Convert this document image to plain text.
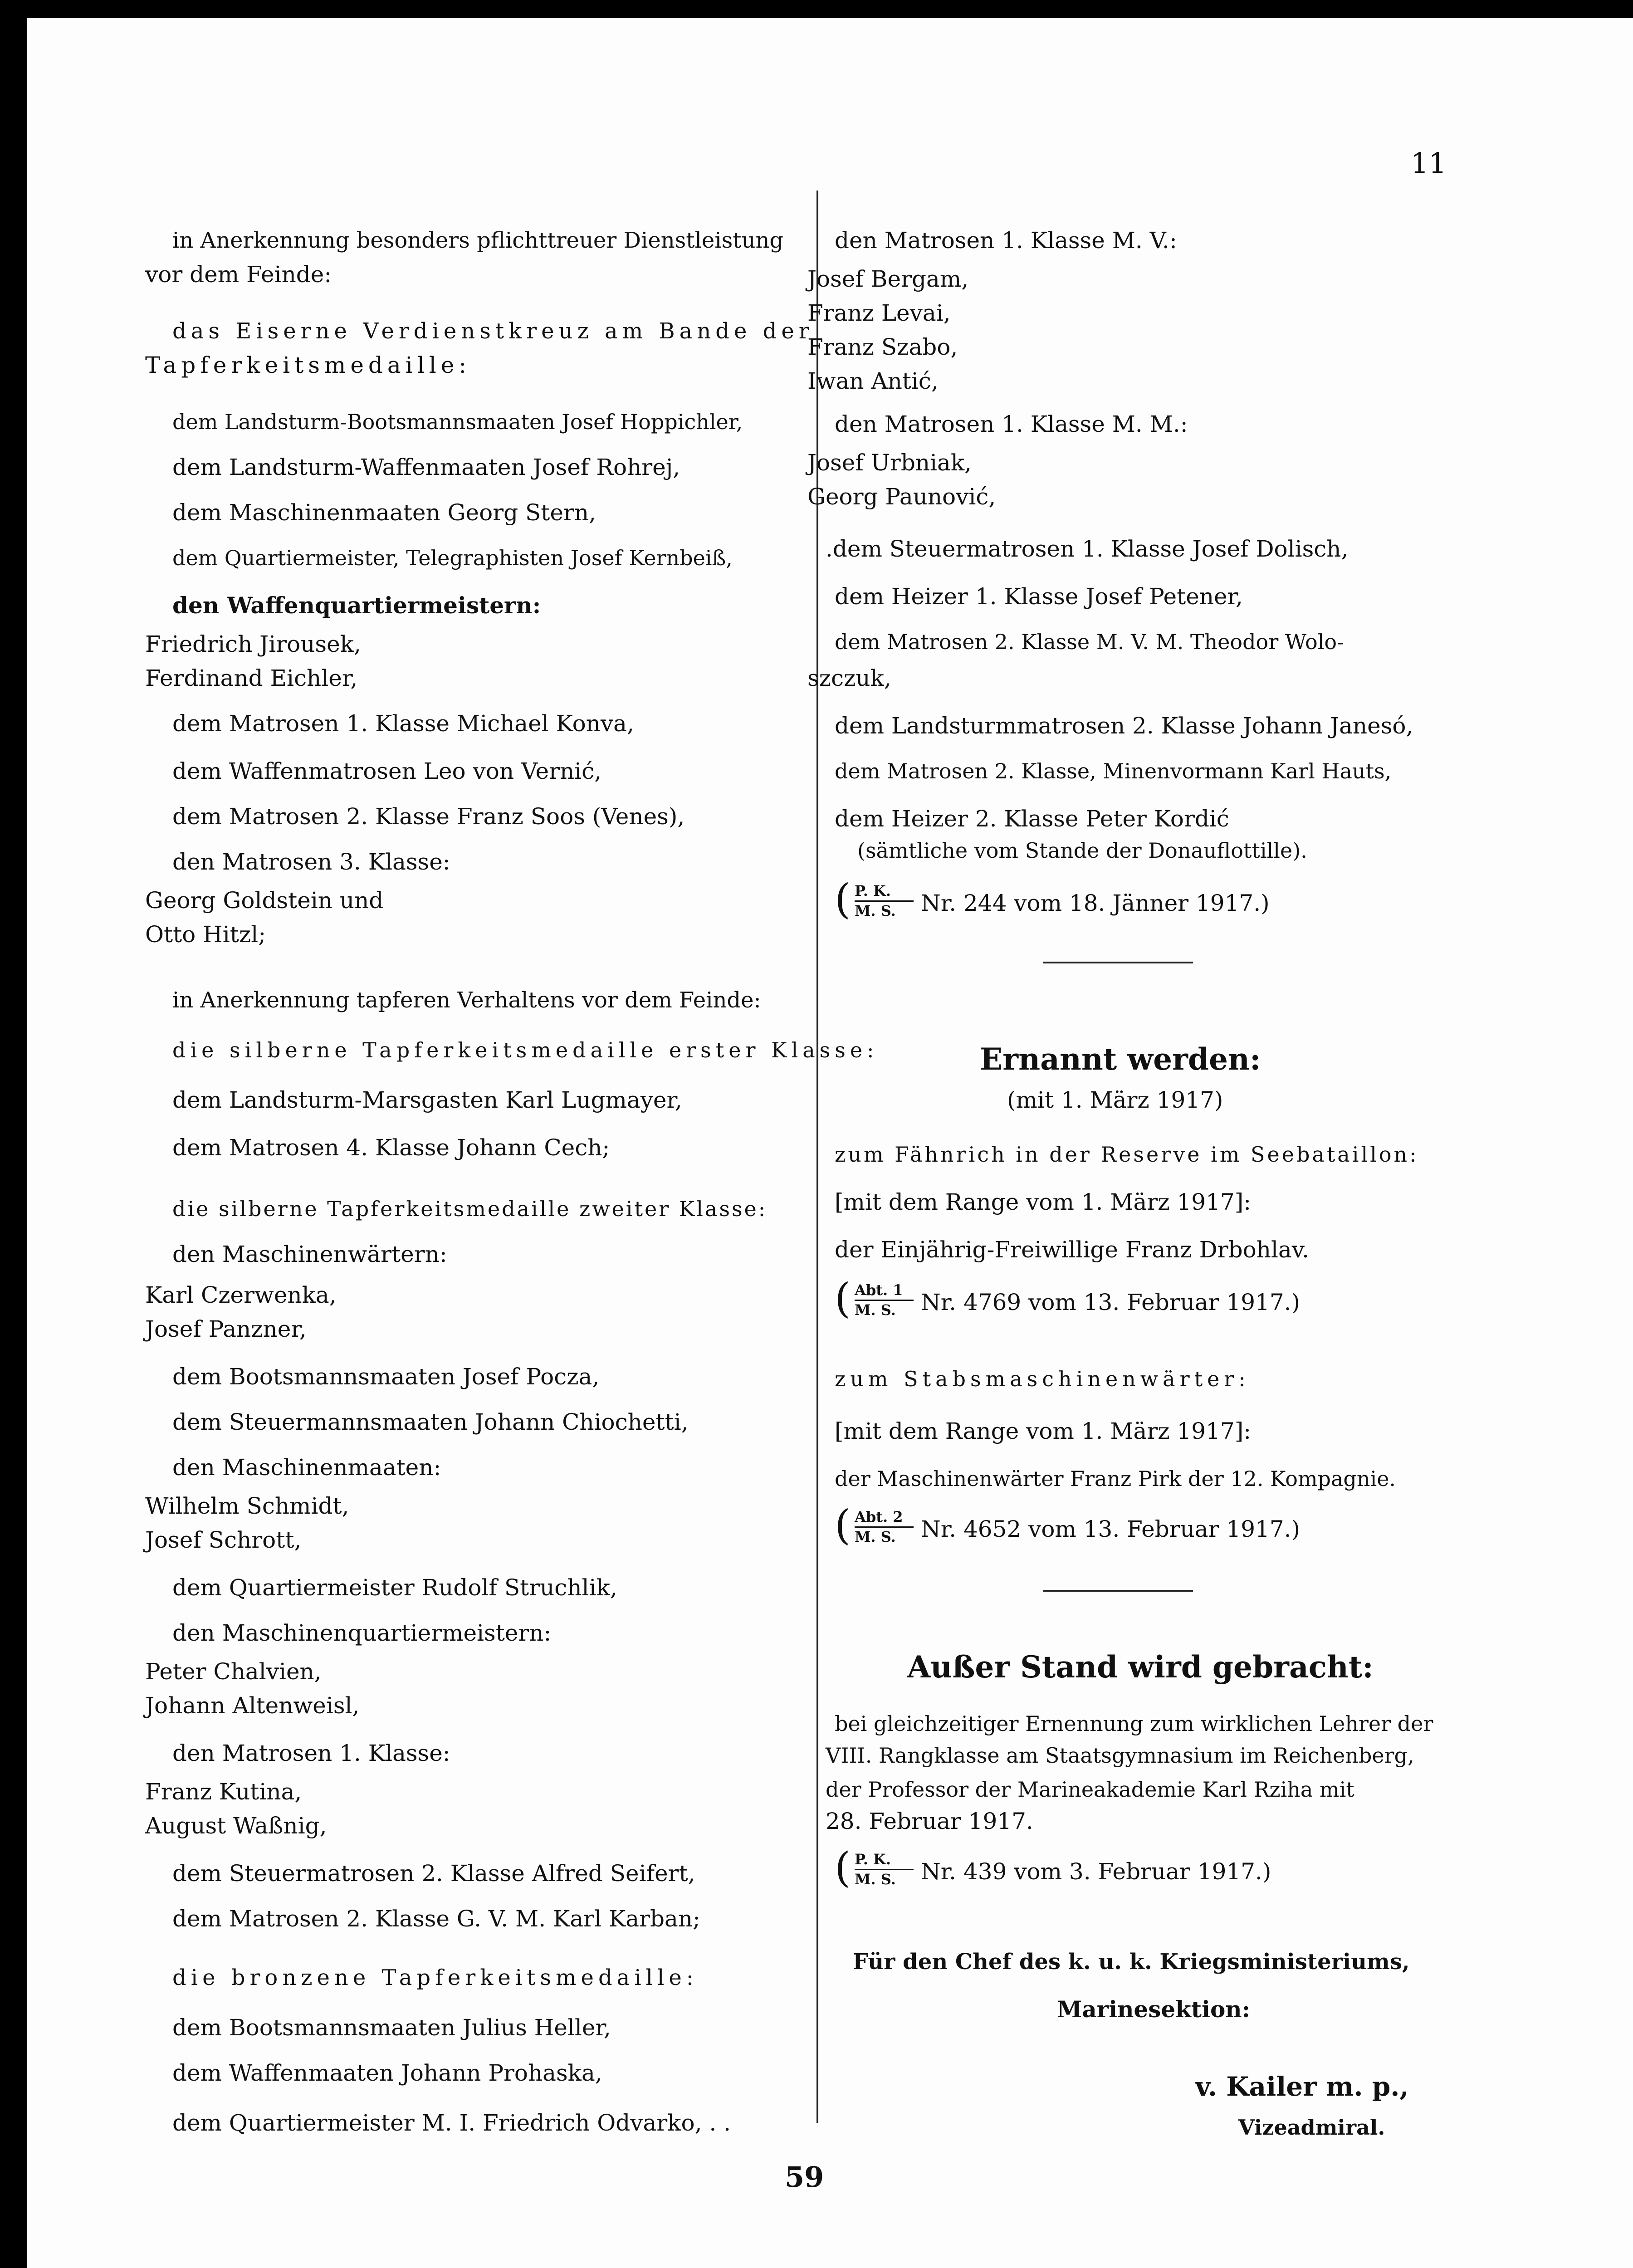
11
in Anerkennung besonders pflichttreuer Dienstleistung
vor dem Feinde:
das Eiserne Verdienstkreuz am Bande der
Tapferkeitsmedaille:
dem Landsturm-Bootsmannsmaaten Josef Hoppichler,
dem Landsturm-Waffenmaaten Josef Rohrej,
dem Maschinenmaaten Georg Stern,
dem Quartiermeister, Telegraphisten Josef Kernbeiß,
den Waffenquartiermeistern:
Friedrich Jirousek,
Ferdinand Eichler,
dem Matrosen 1. Klasse Michael Konva,
dem Waffenmatrosen Leo von Vernić,
dem Matrosen 2. Klasse Franz Soos (Venes),
den Matrosen 3. Klasse:
Georg Goldstein und
Otto Hitzl;
in Anerkennung tapferen Verhaltens vor dem Feinde:
die silberne Tapferkeitsmedaille erster Klasse:
dem Landsturm-Marsgasten Karl Lugmayer,
dem Matrosen 4. Klasse Johann Cech;
die silberne Tapferkeitsmedaille zweiter Klasse:
den Maschinenwärtern:
Karl Czerwenka,
Josef Panzner,
dem Bootsmannsmaaten Josef Pocza,
dem Steuermannsmaaten Johann Chiochetti,
den Maschinenmaaten:
Wilhelm Schmidt,
Josef Schrott,
dem Quartiermeister Rudolf Struchlik,
den Maschinenquartiermeistern:
Peter Chalvien,
Johann Altenweisl,
den Matrosen 1. Klasse:
Franz Kutina,
August Waßnig,
dem Steuermatrosen 2. Klasse Alfred Seifert,
dem Matrosen 2. Klasse G. V. M. Karl Karban;
die bronzene Tapferkeitsmedaille:
dem Bootsmannsmaaten Julius Heller,
dem Waffenmaaten Johann Prohaska,
dem Quartiermeister M. I. Friedrich Odvarko, . .
den Matrosen 1. Klasse M. V.:
Josef Bergam,
Franz Levai,
Franz Szabo,
Iwan Antić,
den Matrosen 1. Klasse M. M.:
Josef Urbniak,
Georg Paunović,
.dem Steuermatrosen 1. Klasse Josef Dolisch,
dem Heizer 1. Klasse Josef Petener,
dem Matrosen 2. Klasse M. V. M. Theodor Wolo-
szczuk,
dem Landsturmmatrosen 2. Klasse Johann Janesó,
dem Matrosen 2. Klasse, Minenvormann Karl Hauts,
dem Heizer 2. Klasse Peter Kordić
(sämtliche vom Stande der Donauflottille).
( P. K.
M. S. Nr. 244 vom 18. Jänner 1917.)
Ernannt werden:
(mit 1. März 1917)
zum Fähnrich in der Reserve im Seebataillon:
[mit dem Range vom 1. März 1917]:
der Einjährig-Freiwillige Franz Drbohlav.
( Abt. 1
M. S. Nr. 4769 vom 13. Februar 1917.)
zum Stabsmaschinenwärter:
[mit dem Range vom 1. März 1917]:
der Maschinenwärter Franz Pirk der 12. Kompagnie.
( Abt. 2
M. S. Nr. 4652 vom 13. Februar 1917.)
Außer Stand wird gebracht:
bei gleichzeitiger Ernennung zum wirklichen Lehrer der
VIII. Rangklasse am Staatsgymnasium im Reichenberg,
der Professor der Marineakademie Karl Rziha mit
28. Februar 1917.
( P. K.
M. S. Nr. 439 vom 3. Februar 1917.)
Für den Chef des k. u. k. Kriegsministeriums,
Marinesektion:
v. Kailer m. p.,
Vizeadmiral.
59
